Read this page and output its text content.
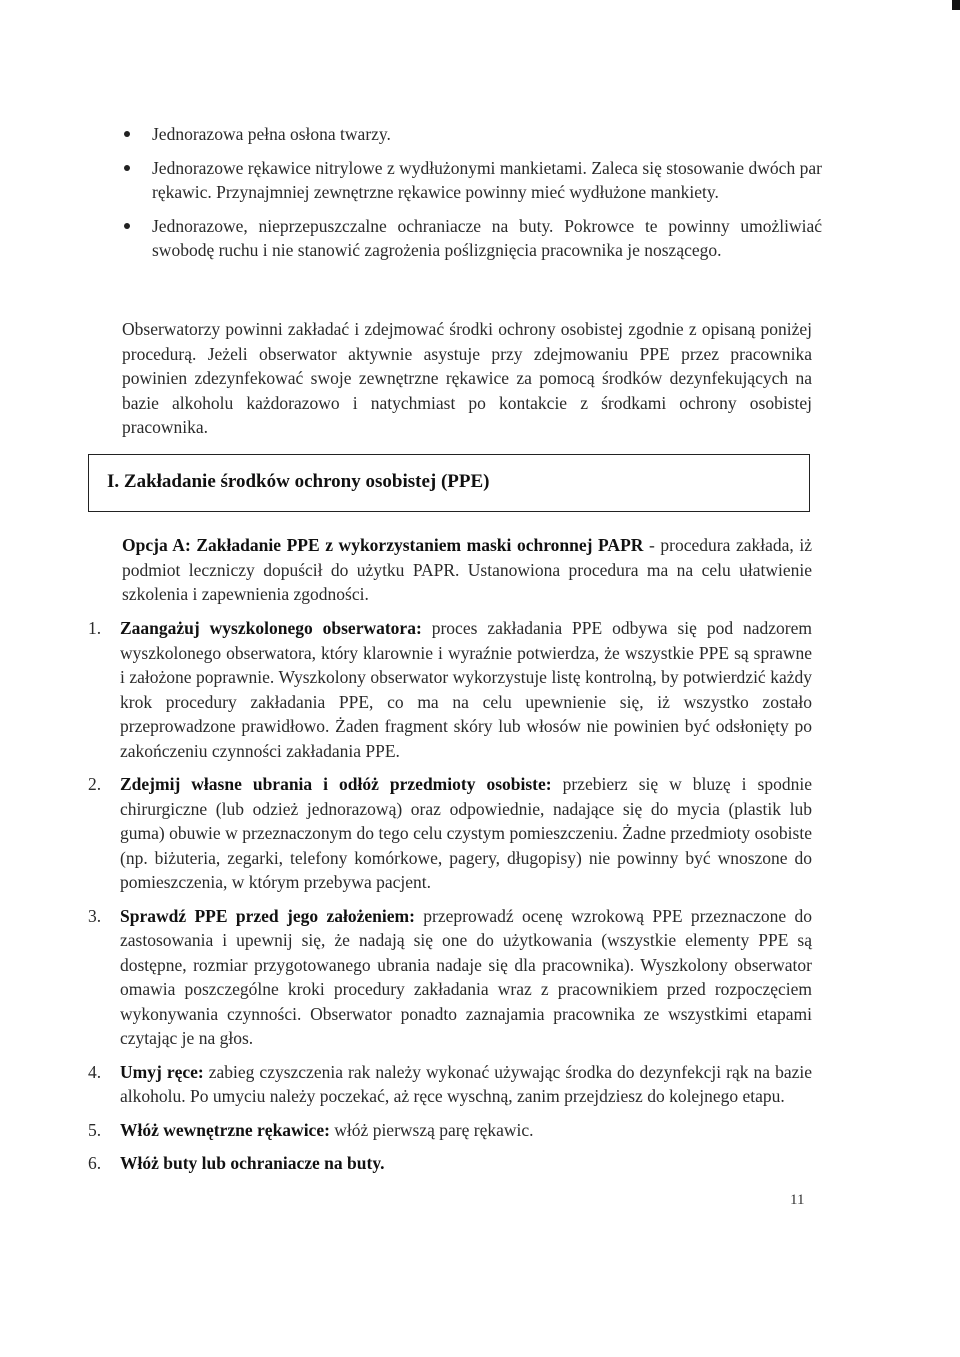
Jednorazowa pełna osłona twarzy.
Jednorazowe rękawice nitrylowe z wydłużonymi mankietami. Zaleca się stosowanie dwóch par rękawic. Przynajmniej zewnętrzne rękawice powinny mieć wydłużone mankiety.
Jednorazowe, nieprzepuszczalne ochraniacze na buty. Pokrowce te powinny umożliwiać swobodę ruchu i nie stanowić zagrożenia poślizgnięcia pracownika je noszącego.

Obserwatorzy powinni zakładać i zdejmować środki ochrony osobistej zgodnie z opisaną poniżej procedurą. Jeżeli obserwator aktywnie asystuje przy zdejmowaniu PPE przez pracownika powinien zdezynfekować swoje zewnętrzne rękawice za pomocą środków dezynfekujących na bazie alkoholu każdorazowo i natychmiast po kontakcie z środkami ochrony osobistej pracownika.

I. Zakładanie środków ochrony osobistej (PPE)

Opcja A: Zakładanie PPE z wykorzystaniem maski ochronnej PAPR - procedura zakłada, iż podmiot leczniczy dopuścił do użytku PAPR. Ustanowiona procedura ma na celu ułatwienie szkolenia i zapewnienia zgodności.

1. Zaangażuj wyszkolonego obserwatora: proces zakładania PPE odbywa się pod nadzorem wyszkolonego obserwatora, który klarownie i wyraźnie potwierdza, że wszystkie PPE są sprawne i założone poprawnie. Wyszkolony obserwator wykorzystuje listę kontrolną, by potwierdzić każdy krok procedury zakładania PPE, co ma na celu upewnienie się, iż wszystko zostało przeprowadzone prawidłowo. Żaden fragment skóry lub włosów nie powinien być odsłonięty po zakończeniu czynności zakładania PPE.
2. Zdejmij własne ubrania i odłóż przedmioty osobiste: przebierz się w bluzę i spodnie chirurgiczne (lub odzież jednorazową) oraz odpowiednie, nadające się do mycia (plastik lub guma) obuwie w przeznaczonym do tego celu czystym pomieszczeniu. Żadne przedmioty osobiste (np. biżuteria, zegarki, telefony komórkowe, pagery, długopisy) nie powinny być wnoszone do pomieszczenia, w którym przebywa pacjent.
3. Sprawdź PPE przed jego założeniem: przeprowadź ocenę wzrokową PPE przeznaczone do zastosowania i upewnij się, że nadają się one do użytkowania (wszystkie elementy PPE są dostępne, rozmiar przygotowanego ubrania nadaje się dla pracownika). Wyszkolony obserwator omawia poszczególne kroki procedury zakładania wraz z pracownikiem przed rozpoczęciem wykonywania czynności. Obserwator ponadto zaznajamia pracownika ze wszystkimi etapami czytając je na głos.
4. Umyj ręce: zabieg czyszczenia rak należy wykonać używając środka do dezynfekcji rąk na bazie alkoholu. Po umyciu należy poczekać, aż ręce wyschną, zanim przejdziesz do kolejnego etapu.
5. Włóż wewnętrzne rękawice: włóż pierwszą parę rękawic.
6. Włóż buty lub ochraniacze na buty.
11
